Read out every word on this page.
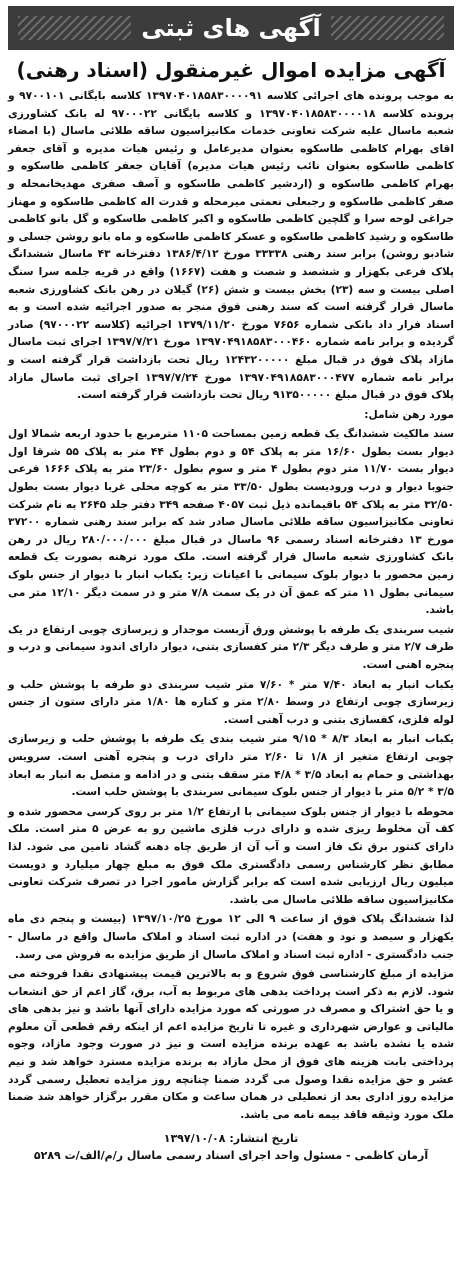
آگهی های ثبتی
آگهی مزایده اموال غیرمنقول (اسناد رهنی)

به موجب پرونده های اجرائی کلاسه ۱۳۹۷۰۴۰۱۸۵۸۳۰۰۰۰۹۱ کلاسه بایگانی ۹۷۰۰۱۰۱ و پرونده کلاسه ۱۳۹۷۰۴۰۱۸۵۸۳۰۰۰۰۱۸ و کلاسه بایگانی ۹۷۰۰۰۲۲ له بانک کشاورزی شعبه ماسال علیه شرکت تعاونی خدمات مکانیزاسیون ساقه طلائی ماسال (با امضاء اقای بهرام کاظمی طاسکوه بعنوان مدیرعامل و رئیس هیات مدیره و آقای جعفر کاظمی طاسکوه بعنوان نائب رئیس هیات مدیره) آقایان جعفر کاظمی طاسکوه و بهرام کاظمی طاسکوه و (اردشیر کاظمی طاسکوه و آصف صفری مهدیخانمحله و صفر کاظمی طاسکوه و رجبعلی نعمتی میرمحله و قدرت اله کاظمی طاسکوه و مهناز جراغی لوحه سرا و گلچین کاظمی طاسکوه و اکبر کاظمی طاسکوه و گل بانو کاظمی طاسکوه و رشید کاظمی طاسکوه و عسکر کاظمی طاسکوه و ماه بانو روشن جسلی و شادبو روشن) برابر سند رهنی ۳۳۳۳۸ مورخ ۱۳۸۶/۴/۱۲ دفترخانه ۴۳ ماسال ششدانگ پلاک فرعی بکهزار و ششصد و شصت و هفت (۱۶۶۷) واقع در قریه جلمه سرا سنگ اصلی بیست و سه (۲۳) بخش بیست و شش (۲۶) گیلان در رهن بانک کشاورزی شعبه ماسال قرار گرفته است که سند رهنی فوق منجر به صدور اجرائیه شده است و به اسناد فرار داد بانکی شماره ۷۶۵۶ مورخ ۱۳۷۹/۱۱/۲۰ اجرائیه (کلاسه ۹۷۰۰۰۲۲) صادر گردیده و برابر نامه شماره ۱۳۹۷۰۴۹۱۸۵۸۳۰۰۰۴۶۰ مورخ ۱۳۹۷/۷/۲۱ اجرای ثبت ماسال مازاد پلاک فوق در قبال مبلغ ۱۲۴۳۲۰۰۰۰۰ ریال تحت بازداشت قرار گرفته است و برابر نامه شماره ۱۳۹۷۰۴۹۱۸۵۸۳۰۰۰۴۷۷ مورخ ۱۳۹۷/۷/۲۴ اجرای ثبت ماسال مازاد پلاک فوق در قبال مبلغ ۹۱۳۵۰۰۰۰۰ ریال تحت بازداشت قرار گرفته است.

مورد رهن شامل:

سند مالکیت ششدانگ یک قطعه زمین بمساحت ۱۱۰۵ مترمربع با حدود اربعه شمالا اول دیوار بست بطول ۱۶/۶۰ متر به پلاک ۵۴ و دوم بطول ۴۴ متر به پلاک ۵۵ شرقا اول دیوار بست ۱۱/۷۰ متر دوم بطول ۴ متر و سوم بطول ۲۳/۶۰ متر به پلاک ۱۶۶۶ فرعی جنوبا دیوار و درب ورودیست بطول ۳۳/۵۰ متر به کوچه محلی غربا دیوار بست بطول ۳۲/۵۰ متر به پلاک ۵۴ باقیمانده ذیل ثبت ۴۰۵۷ صفحه ۳۴۹ دفتر جلد ۲۶۴۵ به نام شرکت تعاونی مکانیزاسیون ساقه طلائی ماسال صادر شد که برابر سند رهنی شماره ۳۷۲۰۰ مورخ ۱۳ دفترخانه اسناد رسمی ۹۶ ماسال در قبال مبلغ ۲۸۰/۰۰۰/۰۰۰ ریال در رهن بانک کشاورزی شعبه ماسال قرار گرفته است. ملک مورد ترهنه بصورت یک قطعه زمین محصور با دیوار بلوک سیمانی با اعیانات زیر: یکباب انبار با دیوار از جنس بلوک سیمانی بطول ۱۱ متر که عمق آن در یک سمت ۷/۸ متر و در سمت دیگر ۱۲/۱۰ متر می باشد.

شیب سربندی یک طرفه با پوشش ورق آزبست موجدار و زیرسازی چوبی ارتفاع در یک طرف ۲/۷ متر و طرف دیگر ۲/۳ متر کفسازی بتنی، دیوار دارای اندود سیمانی و درب و پنجره اهنی است.

یکباب انبار به ابعاد ۷/۴۰ متر * ۷/۶۰ متر شیب سربندی دو طرفه با پوشش حلب و زیرسازی چوبی ارتفاع در وسط ۲/۸۰ متر و کناره ها ۱/۸۰ متر دارای ستون از جنس لوله فلزی، کفسازی بتنی و درب آهنی است.

یکباب انبار به ابعاد ۸/۳ * ۹/۱۵ متر شیب بندی یک طرفه با پوشش حلب و زیرسازی چوبی ارتفاع متغیر از ۱/۸ تا ۲/۶۰ متر دارای درب و پنجره آهنی است. سرویس بهداشتی و حمام به ابعاد ۳/۵ * ۴/۸ متر سقف بتنی و در ادامه و متصل به انبار به ابعاد ۳/۵ * ۵/۲ متر با دیوار از جنس بلوک سیمانی سربندی با پوشش حلب است.

محوطه با دیوار از جنس بلوک سیمانی با ارتفاع ۱/۲ متر بر روی کرسی محصور شده و کف آن مخلوط ریزی شده و دارای درب فلزی ماشین رو به عرض ۵ متر است. ملک دارای کنتور برق تک فاز است و آب آن از طریق چاه دهنه گشاد تامین می شود. لذا مطابق نظر کارشناس رسمی دادگستری ملک فوق به مبلغ چهار میلیارد و دویست میلیون ریال ارزیابی شده است که برابر گزارش مامور اجرا در تصرف شرکت تعاونی مکانیزاسیون ساقه طلائی ماسال می باشد.

لذا ششدانگ پلاک فوق از ساعت ۹ الی ۱۲ مورخ ۱۳۹۷/۱۰/۲۵ (بیست و پنجم دی ماه یکهزار و سیصد و نود و هفت) در اداره ثبت اسناد و املاک ماسال واقع در ماسال - جنب دادگستری - اداره ثبت اسناد و املاک ماسال از طریق مزایده به فروش می رسد.

مزایده از مبلغ کارشناسی فوق شروع و به بالاترین قیمت پیشنهادی نقدا فروخته می شود. لازم به ذکر است پرداخت بدهی های مربوط به آب، برق، گاز اعم از حق انشعاب و یا حق اشتراک و مصرف در صورتی که مورد مزایده دارای آنها باشد و نیز بدهی های مالیاتی و عوارض شهرداری و غیره تا تاریخ مزایده اعم از اینکه رقم قطعی آن معلوم شده یا نشده باشد به عهده برنده مزایده است و نیز در صورت وجود مازاد، وجوه پرداختی بابت هزینه های فوق از محل مازاد به برنده مزایده مسترد خواهد شد و نیم عشر و حق مزایده نقدا وصول می گردد ضمنا چنانچه روز مزایده تعطیل رسمی گردد مزایده روز اداری بعد از تعطیلی در همان ساعت و مکان مقرر برگزار خواهد شد ضمنا ملک مورد وثیقه فاقد بیمه نامه می باشد.

تاریخ انتشار: ۱۳۹۷/۱۰/۰۸
آرمان کاظمی - مسئول واحد اجرای اسناد رسمی ماسال ر/م/الف/ت ۵۲۸۹
